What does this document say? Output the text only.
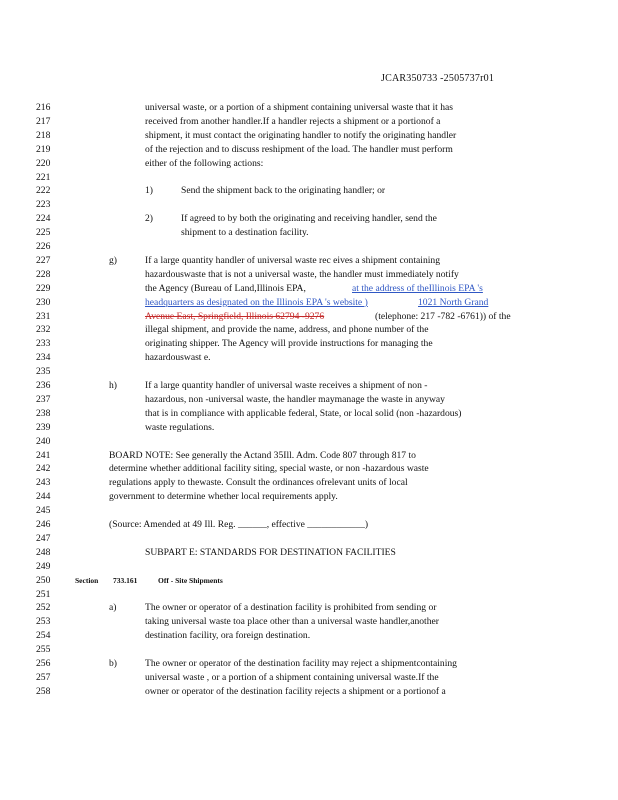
JCAR350733 -2505737r01
216	universal waste, or a portion of a shipment containing universal waste that it has
217	received from another handler.If a handler rejects a shipment or a portionof a
218	shipment, it must contact the originating handler to notify the originating handler
219	of the rejection and to discuss reshipment of the load. The handler must perform
220	either of the following actions:
221
222	1)	Send the shipment back to the originating handler; or
223
224	2)	If agreed to by both the originating and receiving handler, send the
225	shipment to a destination facility.
226
227	g)	If a large quantity handler of universal waste rec eives a shipment containing
228	hazardouswaste that is not a universal waste, the handler must immediately notify
229	the Agency (Bureau of Land,Illinois EPA,	at the address of theIllinois EPA 's
230	headquarters as designated on the Illinois EPA 's website )	1021 North Grand
231	Avenue East, Springfield, Illinois 62794 -9276	(telephone: 217 -782 -6761)) of the
232	illegal shipment, and provide the name, address, and phone number of the
233	originating shipper. The Agency will provide instructions for managing the
234	hazardouswast e.
235
236	h)	If a large quantity handler of universal waste receives a shipment of non -
237	hazardous, non -universal waste, the handler maymanage the waste in anyway
238	that is in compliance with applicable federal, State, or local solid (non -hazardous)
239	waste regulations.
240
241	BOARD NOTE: See generally the Actand 35Ill. Adm. Code 807 through 817 to
242	determine whether additional facility siting, special waste, or non -hazardous waste
243	regulations apply to thewaste. Consult the ordinances ofrelevant units of local
244	government to determine whether local requirements apply.
245
246	(Source: Amended at 49 Ill. Reg. ______, effective ____________)
247
248	SUBPART E: STANDARDS FOR DESTINATION FACILITIES
249
250	Section 733.161	Off - Site Shipments
251
252	a)	The owner or operator of a destination facility is prohibited from sending or
253	taking universal waste toa place other than a universal waste handler,another
254	destination facility, ora foreign destination.
255
256	b)	The owner or operator of the destination facility may reject a shipmentcontaining
257	universal waste , or a portion of a shipment containing universal waste.If the
258	owner or operator of the destination facility rejects a shipment or a portionof a
